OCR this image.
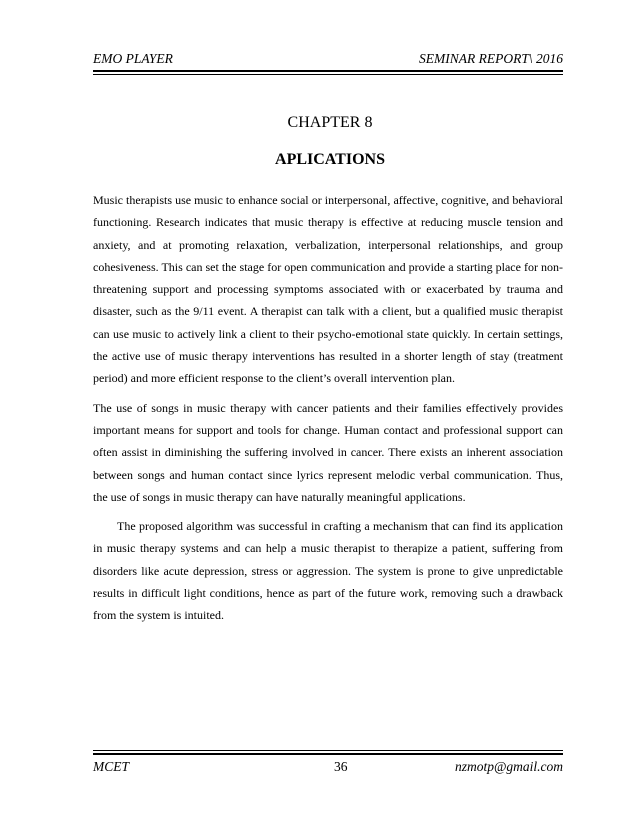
EMO PLAYER	SEMINAR REPORT\ 2016
CHAPTER 8
APLICATIONS

Music therapists use music to enhance social or interpersonal, affective, cognitive, and behavioral functioning. Research indicates that music therapy is effective at reducing muscle tension and anxiety, and at promoting relaxation, verbalization, interpersonal relationships, and group cohesiveness. This can set the stage for open communication and provide a starting place for non-threatening support and processing symptoms associated with or exacerbated by trauma and disaster, such as the 9/11 event. A therapist can talk with a client, but a qualified music therapist can use music to actively link a client to their psycho-emotional state quickly. In certain settings, the active use of music therapy interventions has resulted in a shorter length of stay (treatment period) and more efficient response to the client’s overall intervention plan.

The use of songs in music therapy with cancer patients and their families effectively provides important means for support and tools for change. Human contact and professional support can often assist in diminishing the suffering involved in cancer. There exists an inherent association between songs and human contact since lyrics represent melodic verbal communication. Thus, the use of songs in music therapy can have naturally meaningful applications.

The proposed algorithm was successful in crafting a mechanism that can find its application in music therapy systems and can help a music therapist to therapize a patient, suffering from disorders like acute depression, stress or aggression. The system is prone to give unpredictable results in difficult light conditions, hence as part of the future work, removing such a drawback from the system is intuited.

MCET	36	nzmotp@gmail.com
